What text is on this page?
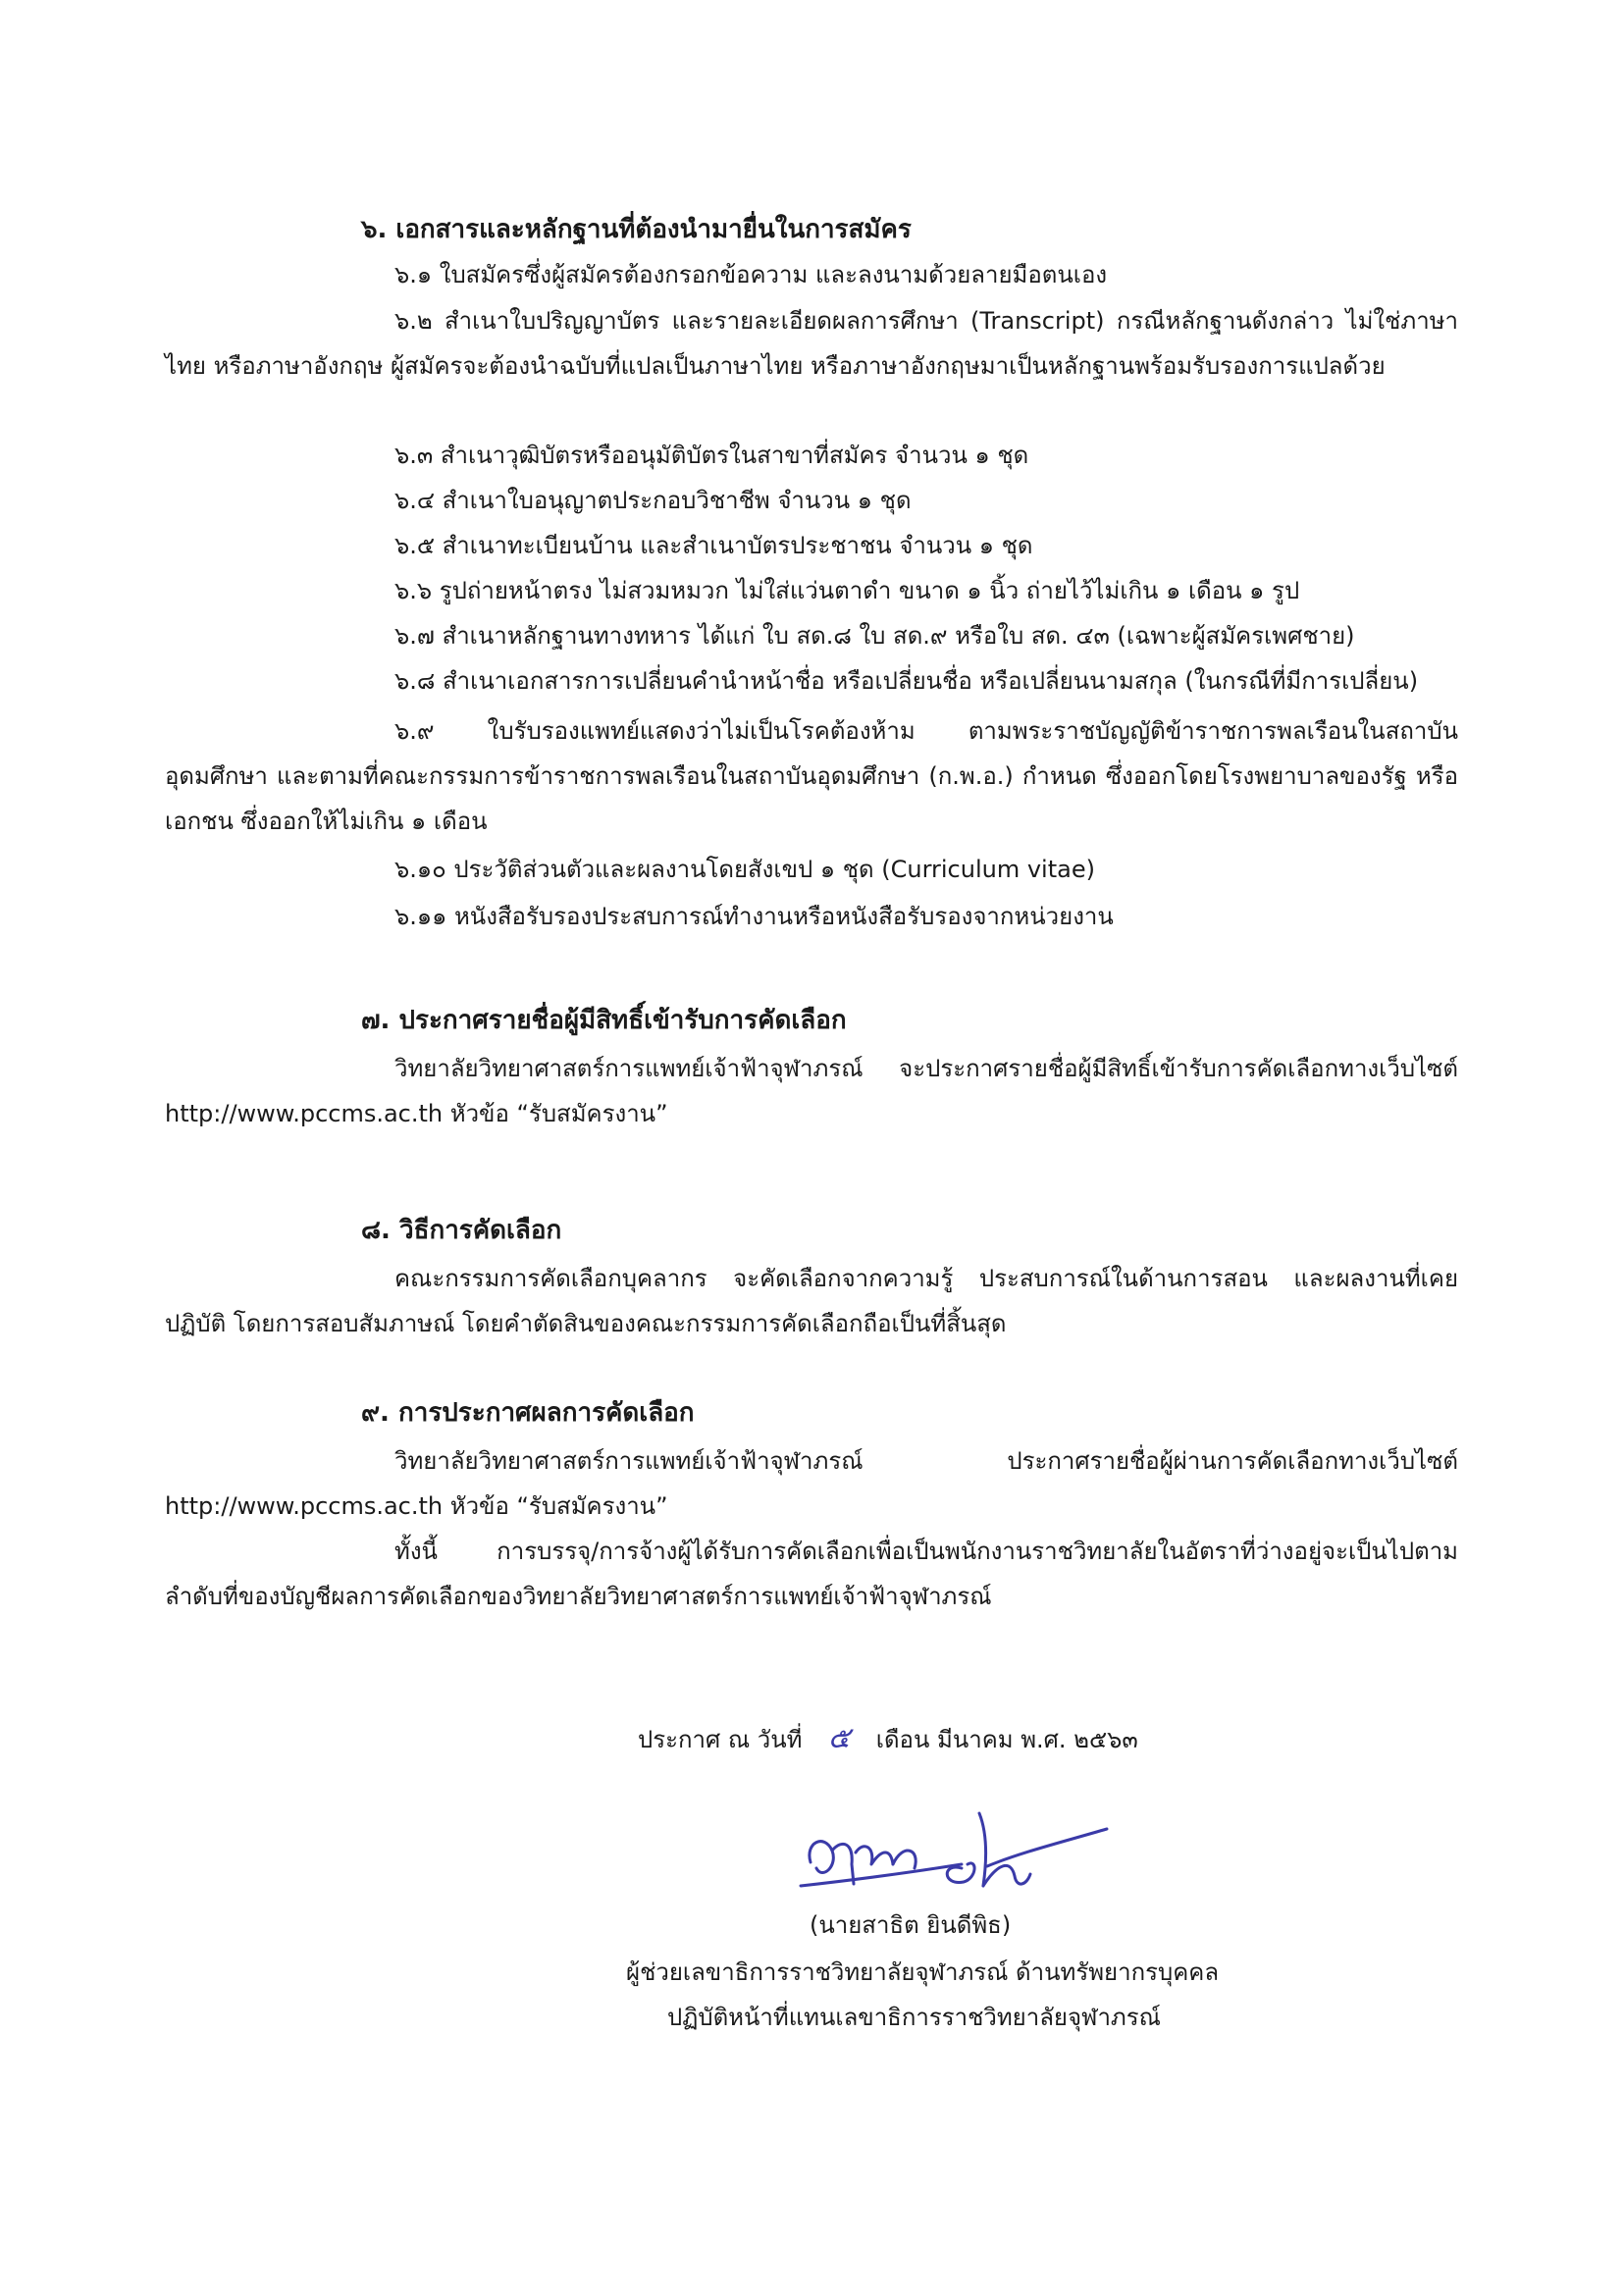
๖. เอกสารและหลักฐานที่ต้องนำมายื่นในการสมัคร
๖.๑ ใบสมัครซึ่งผู้สมัครต้องกรอกข้อความ และลงนามด้วยลายมือตนเอง
๖.๒ สำเนาใบปริญญาบัตร และรายละเอียดผลการศึกษา (Transcript) กรณีหลักฐานดังกล่าว ไม่ใช่ภาษาไทย หรือภาษาอังกฤษ ผู้สมัครจะต้องนำฉบับที่แปลเป็นภาษาไทย หรือภาษาอังกฤษมาเป็นหลักฐานพร้อมรับรองการแปลด้วย
๖.๓ สำเนาวุฒิบัตรหรืออนุมัติบัตรในสาขาที่สมัคร จำนวน ๑ ชุด
๖.๔ สำเนาใบอนุญาตประกอบวิชาชีพ จำนวน ๑ ชุด
๖.๕ สำเนาทะเบียนบ้าน และสำเนาบัตรประชาชน จำนวน ๑ ชุด
๖.๖ รูปถ่ายหน้าตรง ไม่สวมหมวก ไม่ใส่แว่นตาดำ ขนาด ๑ นิ้ว ถ่ายไว้ไม่เกิน ๑ เดือน ๑ รูป
๖.๗ สำเนาหลักฐานทางทหาร ได้แก่ ใบ สด.๘ ใบ สด.๙ หรือใบ สด. ๔๓ (เฉพาะผู้สมัครเพศชาย)
๖.๘ สำเนาเอกสารการเปลี่ยนคำนำหน้าชื่อ หรือเปลี่ยนชื่อ หรือเปลี่ยนนามสกุล (ในกรณีที่มีการเปลี่ยน)
๖.๙ ใบรับรองแพทย์แสดงว่าไม่เป็นโรคต้องห้าม ตามพระราชบัญญัติข้าราชการพลเรือนในสถาบันอุดมศึกษา และตามที่คณะกรรมการข้าราชการพลเรือนในสถาบันอุดมศึกษา (ก.พ.อ.) กำหนด ซึ่งออกโดยโรงพยาบาลของรัฐ หรือเอกชน ซึ่งออกให้ไม่เกิน ๑ เดือน
๖.๑๐ ประวัติส่วนตัวและผลงานโดยสังเขป ๑ ชุด (Curriculum vitae)
๖.๑๑ หนังสือรับรองประสบการณ์ทำงานหรือหนังสือรับรองจากหน่วยงาน
๗. ประกาศรายชื่อผู้มีสิทธิ์เข้ารับการคัดเลือก
วิทยาลัยวิทยาศาสตร์การแพทย์เจ้าฟ้าจุฬาภรณ์ จะประกาศรายชื่อผู้มีสิทธิ์เข้ารับการคัดเลือกทางเว็บไซต์ http://www.pccms.ac.th หัวข้อ “รับสมัครงาน”
๘. วิธีการคัดเลือก
คณะกรรมการคัดเลือกบุคลากร จะคัดเลือกจากความรู้ ประสบการณ์ในด้านการสอน และผลงานที่เคยปฏิบัติ โดยการสอบสัมภาษณ์ โดยคำตัดสินของคณะกรรมการคัดเลือกถือเป็นที่สิ้นสุด
๙. การประกาศผลการคัดเลือก
วิทยาลัยวิทยาศาสตร์การแพทย์เจ้าฟ้าจุฬาภรณ์ ประกาศรายชื่อผู้ผ่านการคัดเลือกทางเว็บไซต์ http://www.pccms.ac.th หัวข้อ “รับสมัครงาน”
ทั้งนี้ การบรรจุ/การจ้างผู้ได้รับการคัดเลือกเพื่อเป็นพนักงานราชวิทยาลัยในอัตราที่ว่างอยู่จะเป็นไปตามลำดับที่ของบัญชีผลการคัดเลือกของวิทยาลัยวิทยาศาสตร์การแพทย์เจ้าฟ้าจุฬาภรณ์
ประกาศ ณ วันที่ ๕ เดือน มีนาคม พ.ศ. ๒๕๖๓
(นายสาธิต ยินดีพิธ)
ผู้ช่วยเลขาธิการราชวิทยาลัยจุฬาภรณ์ ด้านทรัพยากรบุคคล
ปฏิบัติหน้าที่แทนเลขาธิการราชวิทยาลัยจุฬาภรณ์
